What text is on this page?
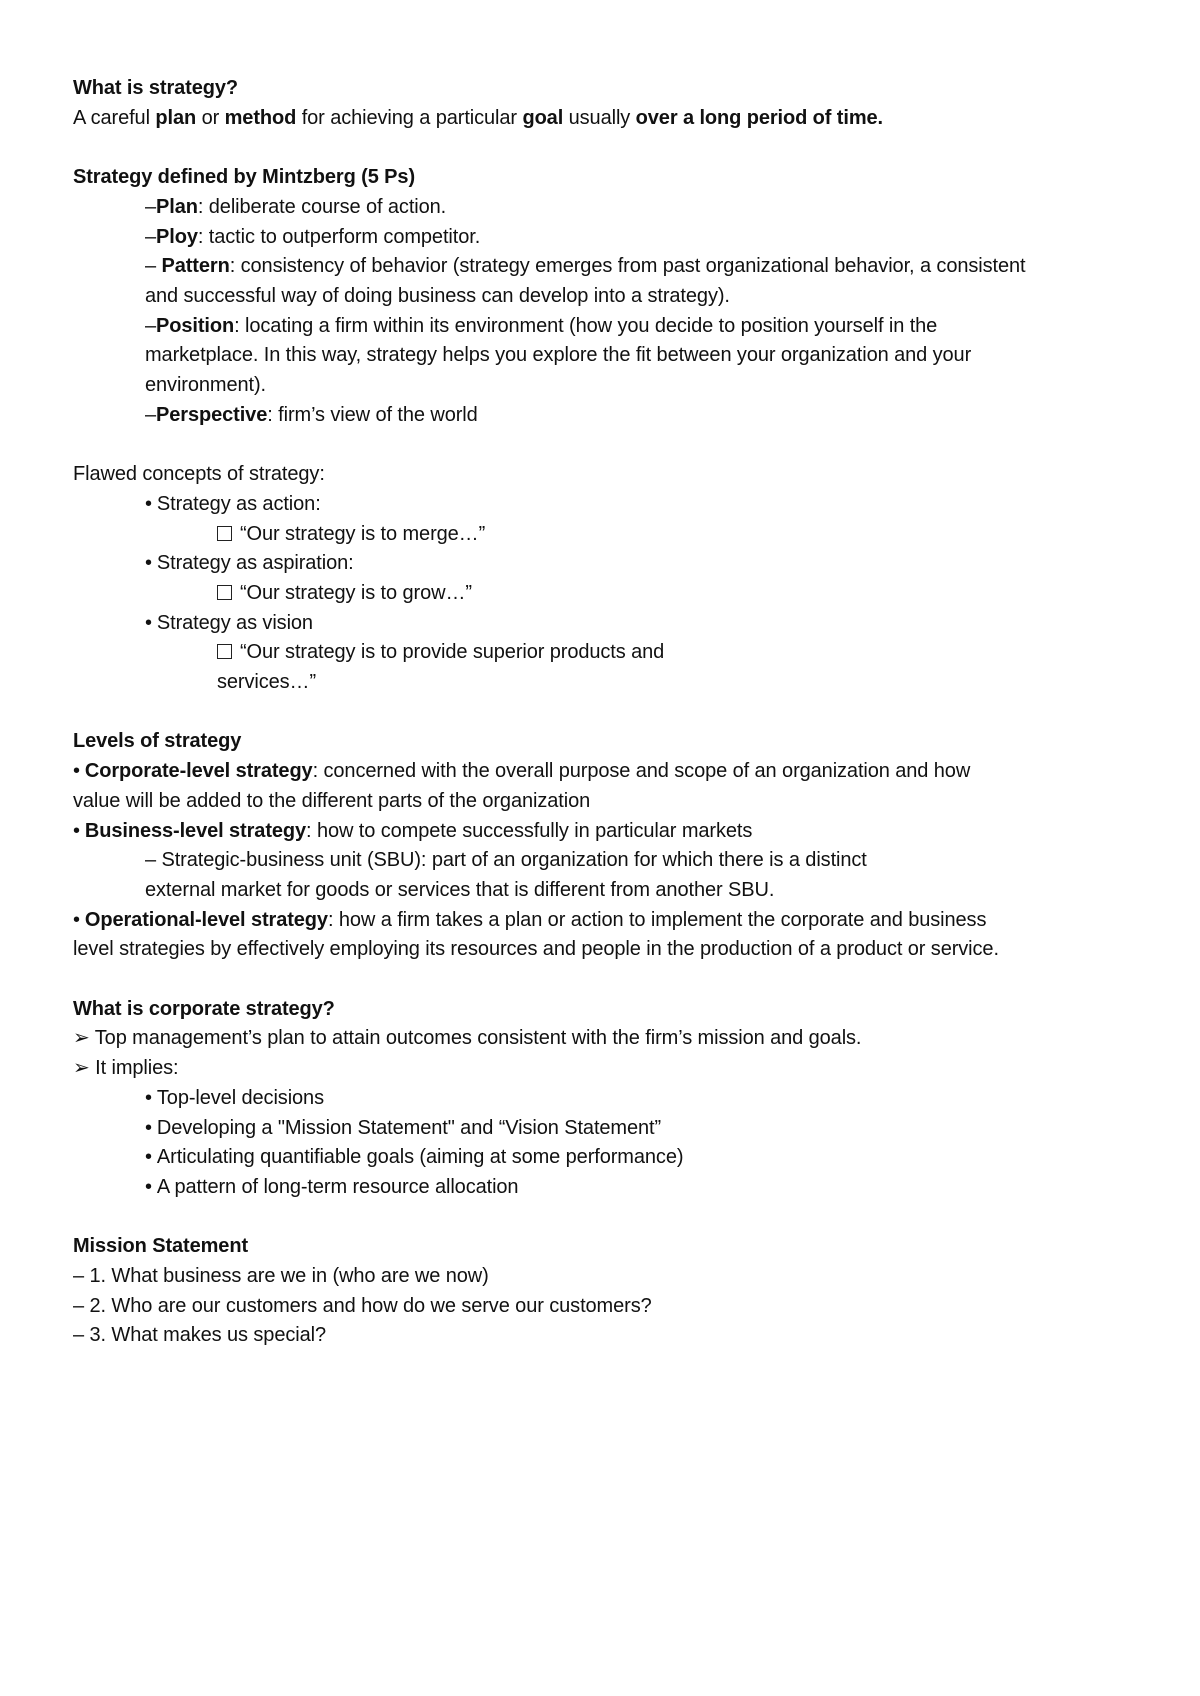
What is strategy?
A careful plan or method for achieving a particular goal usually over a long period of time.
Strategy defined by Mintzberg (5 Ps)
–Plan: deliberate course of action.
–Ploy: tactic to outperform competitor.
– Pattern: consistency of behavior (strategy emerges from past organizational behavior, a consistent
and successful way of doing business can develop into a strategy).
–Position: locating a firm within its environment (how you decide to position yourself in the
marketplace. In this way, strategy helps you explore the fit between your organization and your
environment).
–Perspective: firm’s view of the world
Flawed concepts of strategy:
• Strategy as action:
“Our strategy is to merge…”
• Strategy as aspiration:
“Our strategy is to grow…”
• Strategy as vision
“Our strategy is to provide superior products and
services…”
Levels of strategy
• Corporate-level strategy: concerned with the overall purpose and scope of an organization and how
value will be added to the different parts of the organization
• Business-level strategy: how to compete successfully in particular markets
– Strategic-business unit (SBU): part of an organization for which there is a distinct
external market for goods or services that is different from another SBU.
• Operational-level strategy: how a firm takes a plan or action to implement the corporate and business
level strategies by effectively employing its resources and people in the production of a product or service.
What is corporate strategy?
➢ Top management’s plan to attain outcomes consistent with the firm’s mission and goals.
➢ It implies:
• Top-level decisions
• Developing a "Mission Statement" and “Vision Statement”
• Articulating quantifiable goals (aiming at some performance)
• A pattern of long-term resource allocation
Mission Statement
– 1. What business are we in (who are we now)
– 2. Who are our customers and how do we serve our customers?
– 3. What makes us special?
